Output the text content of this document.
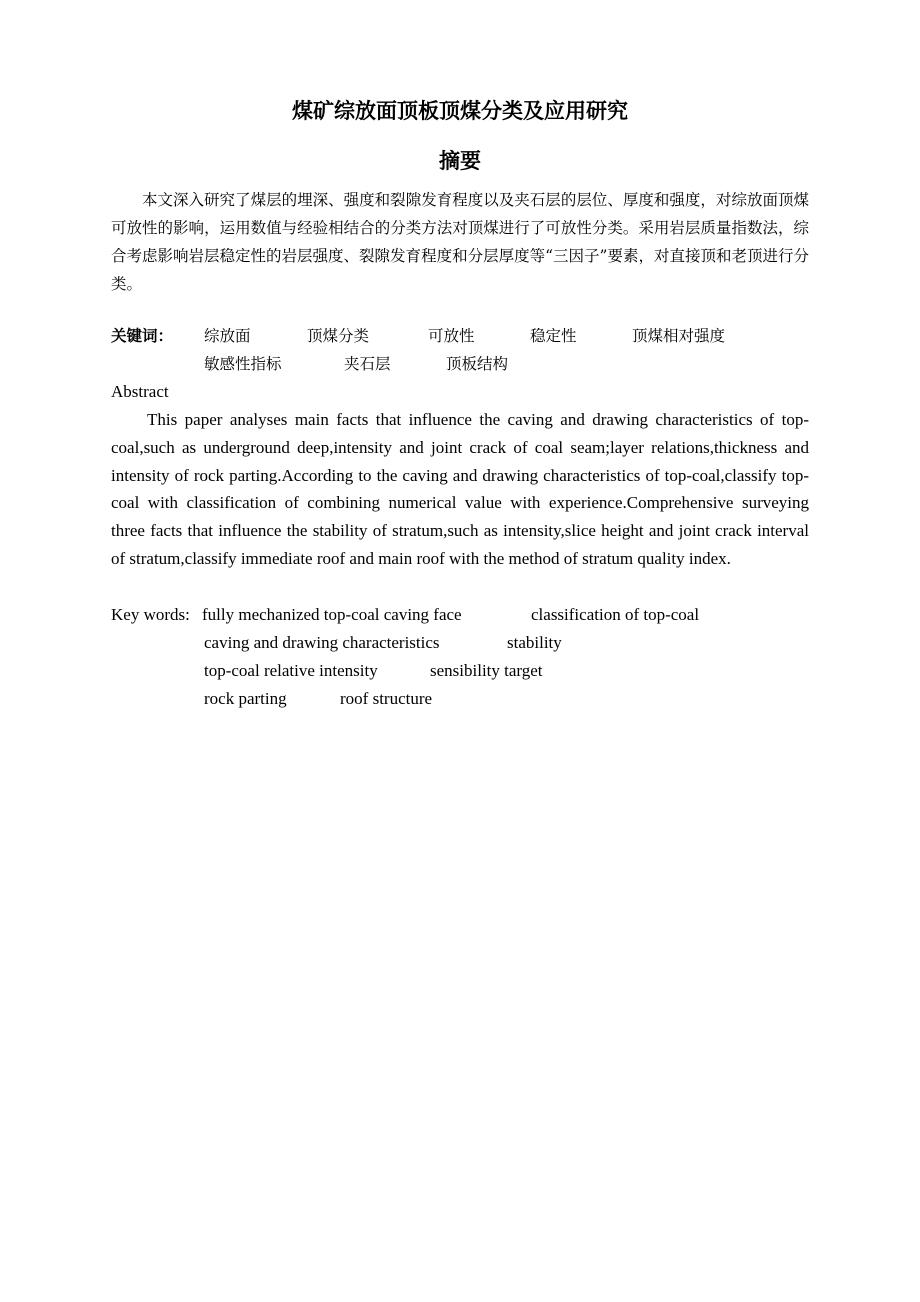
煤矿综放面顶板顶煤分类及应用研究
摘要

本文深入研究了煤层的埋深、强度和裂隙发育程度以及夹石层的层位、厚度和强度，对综放面顶煤可放性的影响，运用数值与经验相结合的分类方法对顶煤进行了可放性分类。采用岩层质量指数法，综合考虑影响岩层稳定性的岩层强度、裂隙发育程度和分层厚度等“三因子”要素，对直接顶和老顶进行分类。

关键词： 综放面	顶煤分类	可放性	稳定性	顶煤相对强度
敏感性指标	夹石层	顶板结构
Abstract

This paper analyses main facts that influence the caving and drawing characteristics of top-coal,such as underground deep,intensity and joint crack of coal seam;layer relations,thickness and intensity of rock parting.According to the caving and drawing characteristics of top-coal,classify top-coal with classification of combining numerical value with experience.Comprehensive surveying three facts that influence the stability of stratum,such as intensity,slice height and joint crack interval of stratum,classify immediate roof and main roof with the method of stratum quality index.

Key words: fully mechanized top-coal caving face	classification of top-coal
caving and drawing characteristics	stability
top-coal relative intensity	sensibility target
rock parting	roof structure
